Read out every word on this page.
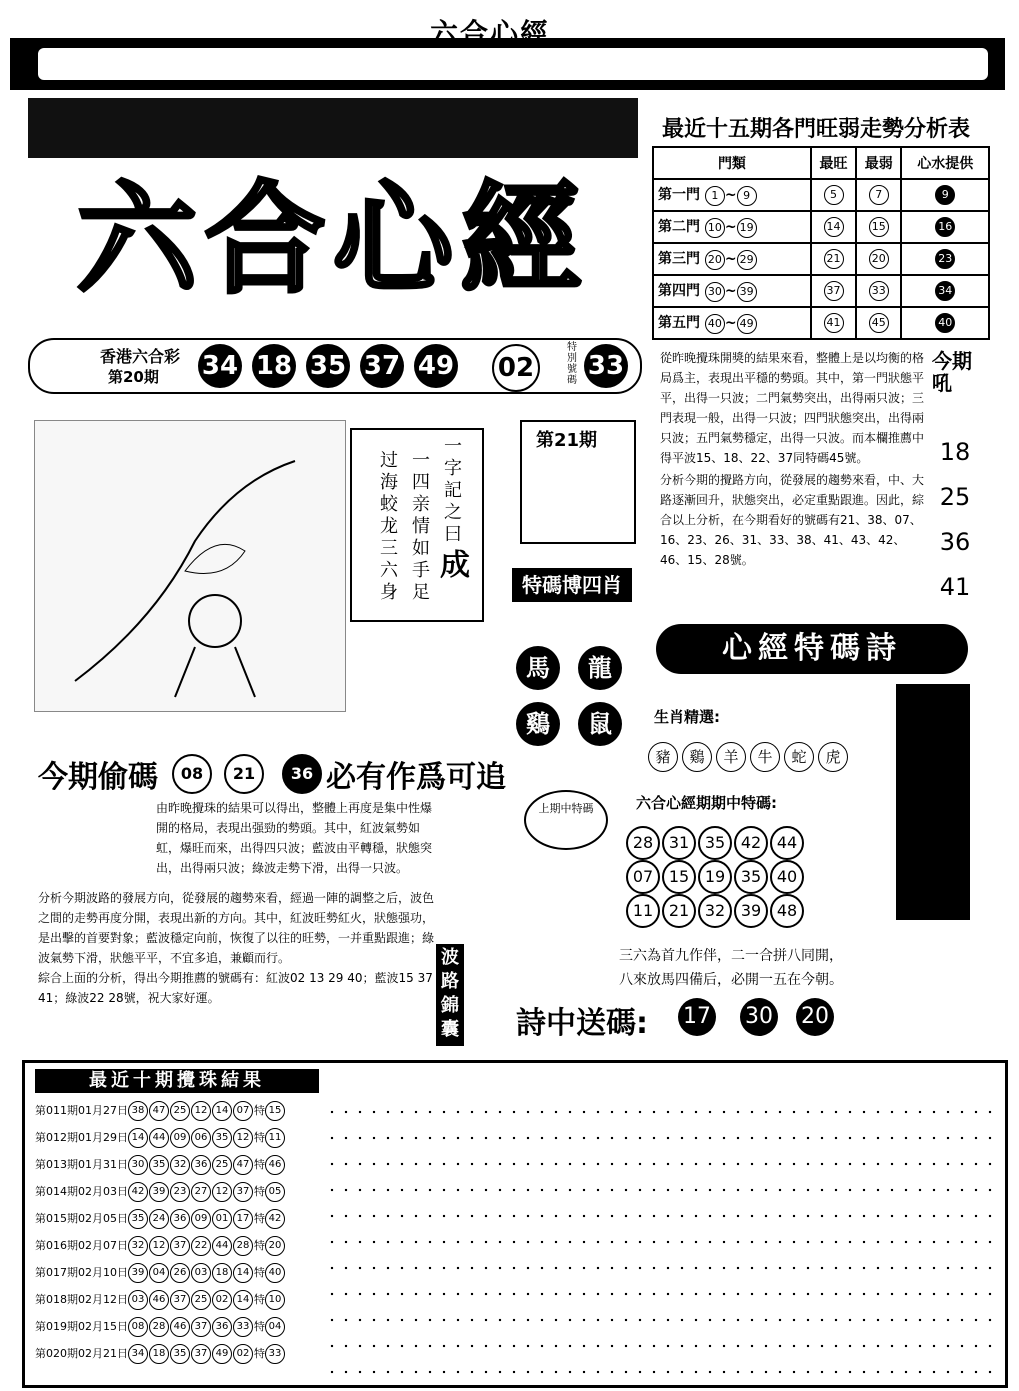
六合心經
六合心經
香港六合彩
第20期 34 18 35 37 49 02
特別號碼 33
最近十五期各門旺弱走勢分析表
門類	最旺	最弱	心水提供
第一門 1 ~ 9	5	7	9
第二門 10 ~ 19	14	15	16
第三門 20 ~ 29	21	20	23
第四門 30 ~ 39	37	33	34
第五門 40 ~ 49	41	45	40
從昨晚攪珠開獎的結果來看，整體上是以均衡的格局爲主，表現出平穩的勢頭。其中，第一門狀態平平，出得一只波；二門氣勢突出，出得兩只波；三門表現一般，出得一只波；四門狀態突出，出得兩只波；五門氣勢穩定，出得一只波。而本欄推薦中得平波15、18、22、37同特碼45號。
分析今期的攪路方向，從發展的趨勢來看，中、大路逐漸回升，狀態突出，必定重點跟進。因此，綜合以上分析，在今期看好的號碼有21、38、07、16、23、26、31、33、38、41、43、42、46、15、28號。
今期吼
18
25
36
41
过海蛟龙三六身
一四亲情如手足
一字記之曰
成
第21期
特碼博四肖
馬	龍
鷄	鼠
今期偷碼	08	21	36 必有作爲可追
由昨晚攪珠的結果可以得出，整體上再度是集中性爆開的格局，表現出强勁的勢頭。其中，紅波氣勢如虹，爆旺而來，出得四只波；藍波由平轉穩，狀態突出，出得兩只波；綠波走勢下滑，出得一只波。
分析今期波路的發展方向，從發展的趨勢來看，經過一陣的調整之后，波色之間的走勢再度分開，表現出新的方向。其中，紅波旺勢紅火，狀態强功，是出擊的首要對象；藍波穩定向前，恢復了以往的旺勢，一并重點跟進；綠波氣勢下滑，狀態平平，不宜多追，兼顧而行。
綜合上面的分析，得出今期推薦的號碼有：紅波02 13 29 40；藍波15 37 41；綠波22 28號，祝大家好運。
波路錦囊
心經特碼詩
生肖精選:
豬	鷄	羊	牛	蛇	虎
上期中特碼	六合心經期期中特碼:
28 31 35 42 44
07 15 19 35 40
11 21 32 39 48
三六為首九作伴，二一合拼八同開，
八來放馬四備后，必開一五在今朝。
詩中送碼: 17 30 20
最近十期攪珠結果
第011期01月27日 38 47 25 12 14 07 特 15
第012期01月29日 14 44 09 06 35 12 特 11
第013期01月31日 30 35 32 36 25 47 特 46
第014期02月03日 42 39 23 27 12 37 特 05
第015期02月05日 35 24 36 09 01 17 特 42
第016期02月07日 32 12 37 22 44 28 特 20
第017期02月10日 39 04 26 03 18 14 特 40
第018期02月12日 03 46 37 25 02 14 特 10
第019期02月15日 08 28 46 37 36 33 特 04
第020期02月21日 34 18 35 37 49 02 特 33
